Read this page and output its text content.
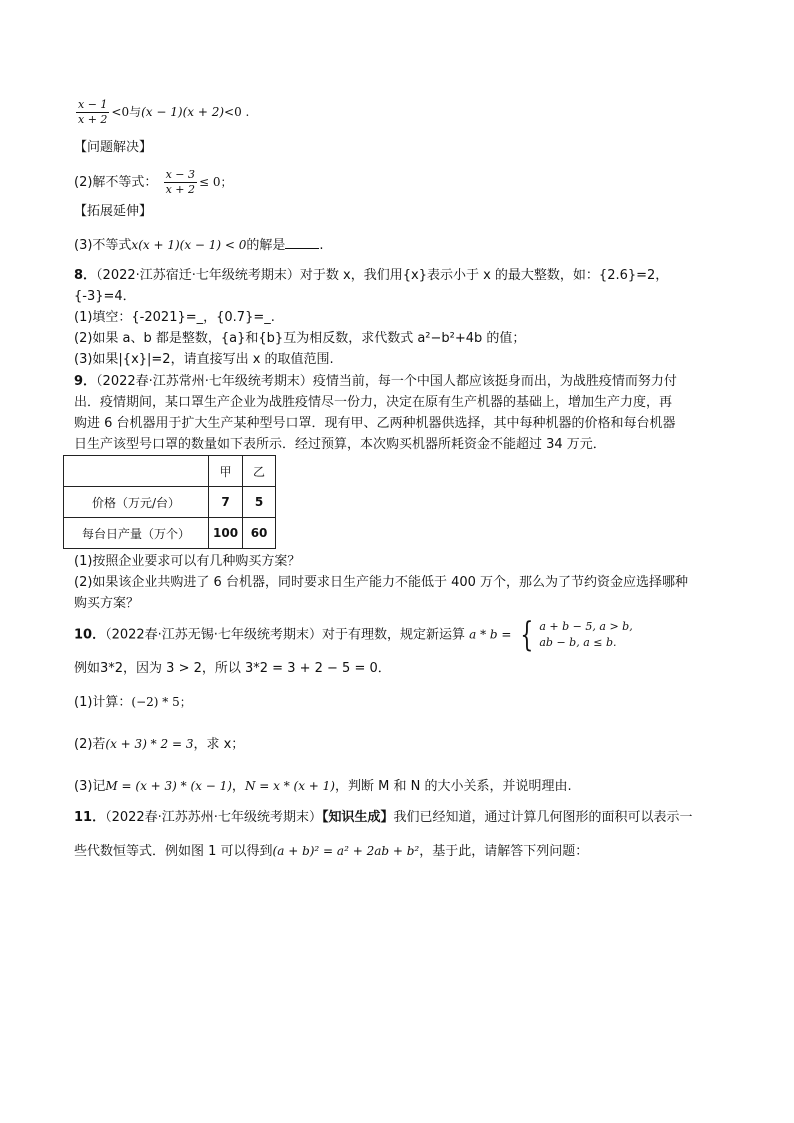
$\frac{x - 1}{x + 2} <0$与(x − 1)(x + 2)<0 .
【问题解决】
(2)解不等式： $\frac{x - 3}{x + 2} \le 0$；
【拓展延伸】
(3)不等式x(x + 1)(x − 1) < 0的解是	.
8．（2022·江苏宿迁·七年级统考期末）对于数 x，我们用{x}表示小于 x 的最大整数，如：{2.6}=2，
{-3}=4．
(1)填空：{-2021}=_，{0.7}=_.
(2)如果 a、b 都是整数，{a}和{b}互为相反数，求代数式 a²−b²+4b 的值；
(3)如果|{x}|=2，请直接写出 x 的取值范围.
9．（2022春·江苏常州·七年级统考期末）疫情当前，每一个中国人都应该挺身而出，为战胜疫情而努力付
出．疫情期间，某口罩生产企业为战胜疫情尽一份力，决定在原有生产机器的基础上，增加生产力度，再
购进 6 台机器用于扩大生产某种型号口罩．现有甲、乙两种机器供选择，其中每种机器的价格和每台机器
日生产该型号口罩的数量如下表所示．经过预算，本次购买机器所耗资金不能超过 34 万元．
	甲	乙
价格（万元/台）	7	5
每台日产量（万个）	100	60
(1)按照企业要求可以有几种购买方案？
(2)如果该企业共购进了 6 台机器，同时要求日生产能力不能低于 400 万个，那么为了节约资金应选择哪种
购买方案？
10．（2022春·江苏无锡·七年级统考期末）对于有理数，规定新运算 a * b = { a + b − 5, a > b,
ab − b, a ≤ b.
例如3*2，因为 3 > 2，所以 3*2 = 3 + 2 − 5 = 0．
(1)计算：(−2) * 5；
(2)若(x + 3) * 2 = 3，求 x；
(3)记M = (x + 3) * (x − 1)，N = x * (x + 1)，判断 M 和 N 的大小关系，并说明理由.
11．（2022春·江苏苏州·七年级统考期末）【知识生成】我们已经知道，通过计算几何图形的面积可以表示一
些代数恒等式．例如图 1 可以得到(a + b)² = a² + 2ab + b²，基于此，请解答下列问题：
